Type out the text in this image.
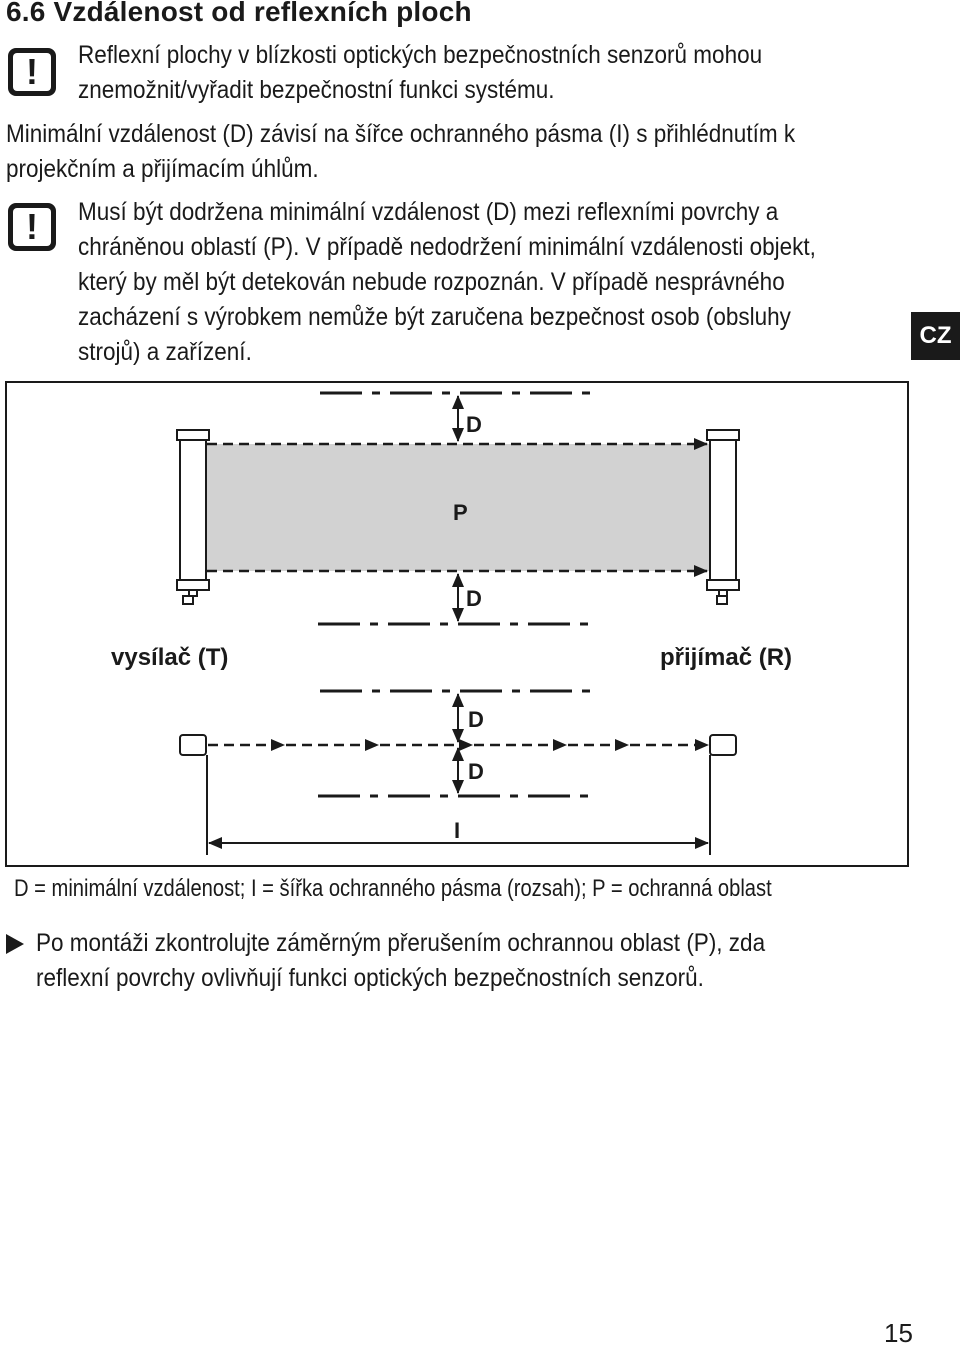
6.6 Vzdálenost od reflexních ploch
!	Reflexní plochy v blízkosti optických bezpečnostních senzorů mohou

znemožnit/vyřadit bezpečnostní funkci systému.

Minimální vzdálenost (D) závisí na šířce ochranného pásma (I) s přihlédnutím k

projekčním a přijímacím úhlům.

!	Musí být dodržena minimální vzdálenost (D) mezi reflexními povrchy a

chráněnou oblastí (P). V případě nedodržení minimální vzdálenosti objekt,

který by měl být detekován nebude rozpoznán. V případě nesprávného

zacházení s výrobkem nemůže být zaručena bezpečnost osob (obsluhy

strojů) a zařízení.

CZ
D
P
D
vysílač (T)	přijímač (R)
D
D
I

D = minimální vzdálenost; I = šířka ochranného pásma (rozsah); P = ochranná oblast

Po montáži zkontrolujte záměrným přerušením ochrannou oblast (P), zda

reflexní povrchy ovlivňují funkci optických bezpečnostních senzorů.

15
